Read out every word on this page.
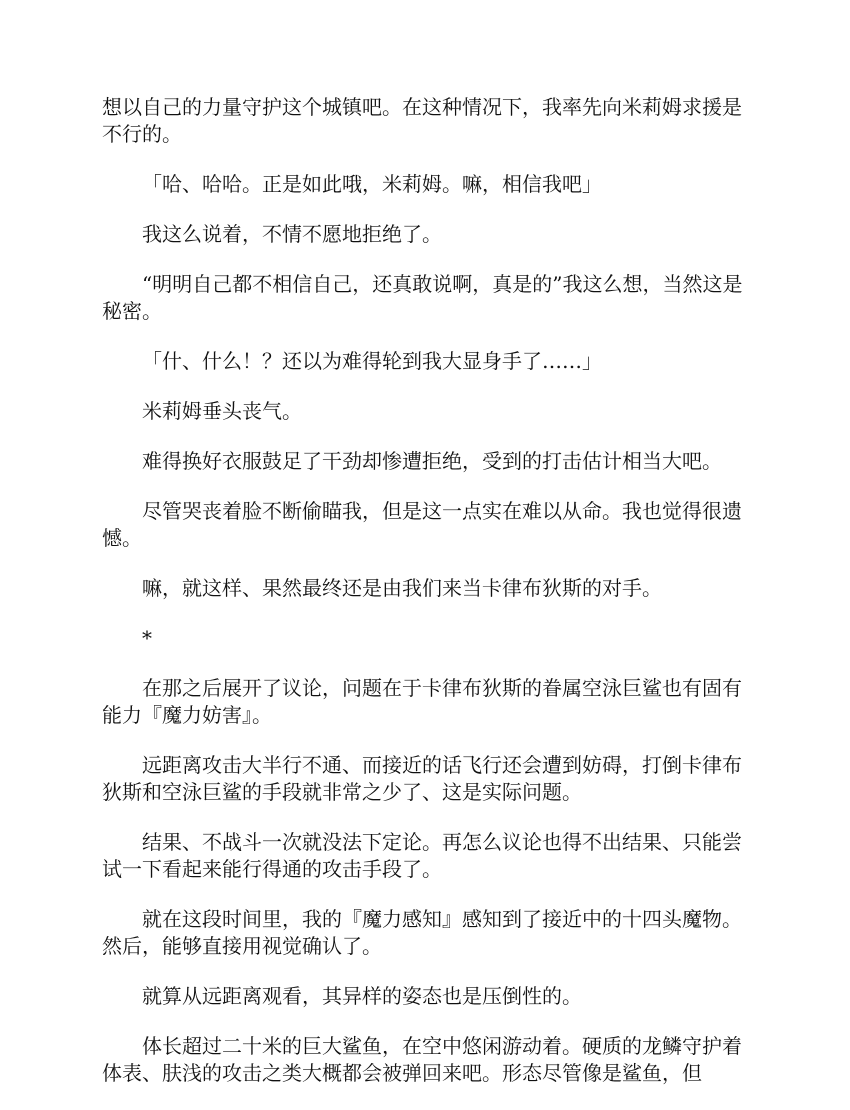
想以自己的力量守护这个城镇吧。在这种情况下，我率先向米莉姆求援是不行的。

「哈、哈哈。正是如此哦，米莉姆。嘛，相信我吧」

我这么说着，不情不愿地拒绝了。

“明明自己都不相信自己，还真敢说啊，真是的”我这么想，当然这是秘密。

「什、什么！？还以为难得轮到我大显身手了……」

米莉姆垂头丧气。

难得换好衣服鼓足了干劲却惨遭拒绝，受到的打击估计相当大吧。

尽管哭丧着脸不断偷瞄我，但是这一点实在难以从命。我也觉得很遗憾。

嘛，就这样、果然最终还是由我们来当卡律布狄斯的对手。

*

在那之后展开了议论，问题在于卡律布狄斯的眷属空泳巨鲨也有固有能力『魔力妨害』。

远距离攻击大半行不通、而接近的话飞行还会遭到妨碍，打倒卡律布狄斯和空泳巨鲨的手段就非常之少了、这是实际问题。

结果、不战斗一次就没法下定论。再怎么议论也得不出结果、只能尝试一下看起来能行得通的攻击手段了。

就在这段时间里，我的『魔力感知』感知到了接近中的十四头魔物。然后，能够直接用视觉确认了。

就算从远距离观看，其异样的姿态也是压倒性的。

体长超过二十米的巨大鲨鱼，在空中悠闲游动着。硬质的龙鳞守护着体表、肤浅的攻击之类大概都会被弹回来吧。形态尽管像是鲨鱼，但
